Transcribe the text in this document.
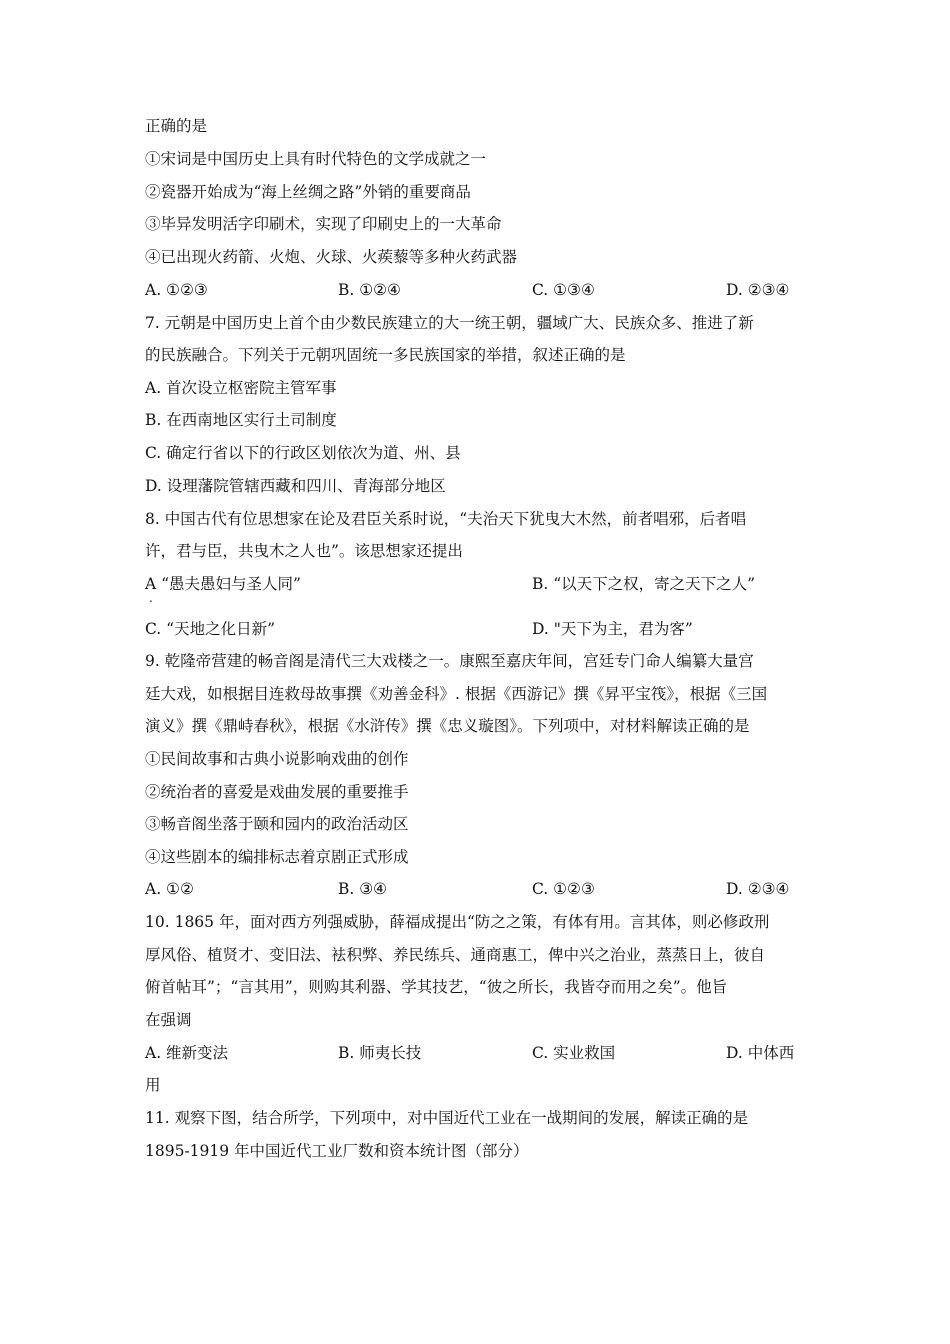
正确的是
①宋词是中国历史上具有时代特色的文学成就之一
②瓷器开始成为“海上丝绸之路”外销的重要商品
③毕异发明活字印刷术，实现了印刷史上的一大革命
④已出现火药箭、火炮、火球、火蒺藜等多种火药武器
A. ①②③	B. ①②④	C. ①③④	D. ②③④
7. 元朝是中国历史上首个由少数民族建立的大一统王朝，疆域广大、民族众多、推进了新
的民族融合。下列关于元朝巩固统一多民族国家的举措，叙述正确的是
A. 首次设立枢密院主管军事
B. 在西南地区实行土司制度
C. 确定行省以下的行政区划依次为道、州、县
D. 设理藩院管辖西藏和四川、青海部分地区
8. 中国古代有位思想家在论及君臣关系时说，“夫治天下犹曳大木然，前者唱邪，后者唱
许，君与臣，共曳木之人也”。该思想家还提出
A “愚夫愚妇与圣人同”
.
B. “以天下之权，寄之天下之人”
C. “天地之化日新”	D. "天下为主，君为客”
9. 乾隆帝营建的畅音阁是清代三大戏楼之一。康熙至嘉庆年间，宫廷专门命人编纂大量宫
廷大戏，如根据目连救母故事撰《劝善金科》. 根据《西游记》撰《昇平宝筏》，根据《三国
演义》撰《鼎峙春秋》，根据《水浒传》撰《忠义璇图》。下列项中，对材料解读正确的是
①民间故事和古典小说影响戏曲的创作
②统治者的喜爱是戏曲发展的重要推手
③畅音阁坐落于颐和园内的政治活动区
④这些剧本的编排标志着京剧正式形成
A. ①②	B. ③④	C. ①②③	D. ②③④
10. 1865 年，面对西方列强威胁，薛福成提出“防之之策，有体有用。言其体，则必修政刑
厚风俗、植贤才、变旧法、袪积弊、养民练兵、通商惠工，俾中兴之治业，蒸蒸日上，彼自
俯首帖耳”；“言其用”，则购其利器、学其技艺，“彼之所长，我皆夺而用之矣”。他旨
在强调
A. 维新变法	B. 师夷长技	C. 实业救国	D. 中体西
用
11. 观察下图，结合所学，下列项中，对中国近代工业在一战期间的发展，解读正确的是
1895-1919 年中国近代工业厂数和资本统计图（部分）
